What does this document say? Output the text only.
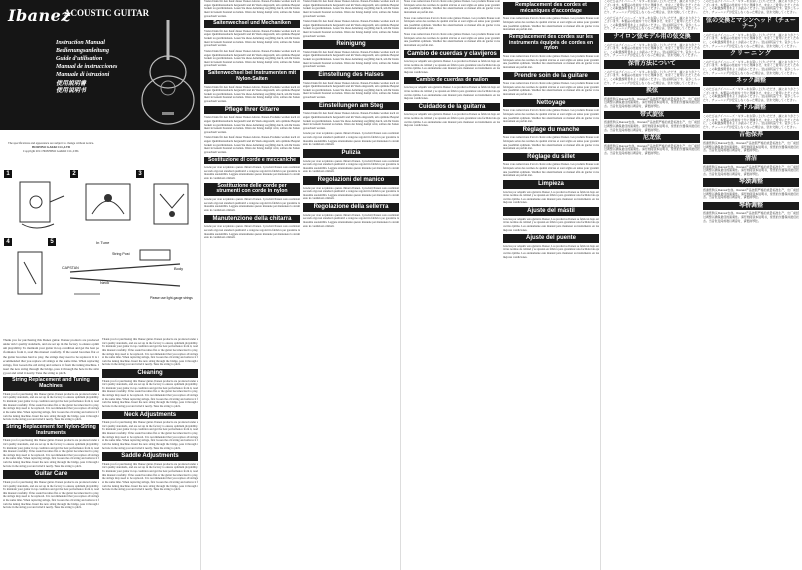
Ibanez
ACOUSTIC GUITAR
Instruction Manual
Bedienungsanleitung
Guide d'utilisation
Manual de instrucciones
Manuale di istruzioni
使用説明書
使用说明书
The specifications and appearance are subject to change without notice.
HOSHINO GAKKI CO.,LTD
Copyright 2011 HOSHINO GAKKI CO.,LTD.
1	2	3
4	5	In Tune
CAPSTAN
String Post
Neck
Body
Please use light-gauge strings
Thank you for purchasing this Ibanez guitar. Ibanez products are produced under strict quality standards, and are set up in the factory to ensure optimum playability. To maintain your guitar in top condition and get the best performance from it, read this manual carefully. If the sound becomes flat or the guitar becomes hard to play, the strings may need to be replaced. It is recommended that you replace all strings at the same time. When replacing strings, first loosen the old string and remove it from the tuning machine. Insert the new string through the bridge, pass it through the hole in the string post and wind it neatly. Tune the string to pitch.
String Replacement and Tuning Machines
Thank you for purchasing this Ibanez guitar. Ibanez products are produced under strict quality standards, and are set up in the factory to ensure optimum playability. To maintain your guitar in top condition and get the best performance from it, read this manual carefully. If the sound becomes flat or the guitar becomes hard to play, the strings may need to be replaced. It is recommended that you replace all strings at the same time. When replacing strings, first loosen the old string and remove it from the tuning machine. Insert the new string through the bridge, pass it through the hole in the string post and wind it neatly. Tune the string to pitch.
String Replacement for Nylon-String Instruments
Thank you for purchasing this Ibanez guitar. Ibanez products are produced under strict quality standards, and are set up in the factory to ensure optimum playability. To maintain your guitar in top condition and get the best performance from it, read this manual carefully. If the sound becomes flat or the guitar becomes hard to play, the strings may need to be replaced. It is recommended that you replace all strings at the same time. When replacing strings, first loosen the old string and remove it from the tuning machine. Insert the new string through the bridge, pass it through the hole in the string post and wind it neatly. Tune the string to pitch.
Guitar Care
Thank you for purchasing this Ibanez guitar. Ibanez products are produced under strict quality standards, and are set up in the factory to ensure optimum playability. To maintain your guitar in top condition and get the best performance from it, read this manual carefully. If the sound becomes flat or the guitar becomes hard to play, the strings may need to be replaced. It is recommended that you replace all strings at the same time. When replacing strings, first loosen the old string and remove it from the tuning machine. Insert the new string through the bridge, pass it through the hole in the string post and wind it neatly. Tune the string to pitch.
Thank you for purchasing this Ibanez guitar. Ibanez products are produced under strict quality standards, and are set up in the factory to ensure optimum playability. To maintain your guitar in top condition and get the best performance from it, read this manual carefully. If the sound becomes flat or the guitar becomes hard to play, the strings may need to be replaced. It is recommended that you replace all strings at the same time. When replacing strings, first loosen the old string and remove it from the tuning machine. Insert the new string through the bridge, pass it through the hole in the string post and wind it neatly. Tune the string to pitch.
Cleaning
Thank you for purchasing this Ibanez guitar. Ibanez products are produced under strict quality standards, and are set up in the factory to ensure optimum playability. To maintain your guitar in top condition and get the best performance from it, read this manual carefully. If the sound becomes flat or the guitar becomes hard to play, the strings may need to be replaced. It is recommended that you replace all strings at the same time. When replacing strings, first loosen the old string and remove it from the tuning machine. Insert the new string through the bridge, pass it through the hole in the string post and wind it neatly. Tune the string to pitch.
Neck Adjustments
Thank you for purchasing this Ibanez guitar. Ibanez products are produced under strict quality standards, and are set up in the factory to ensure optimum playability. To maintain your guitar in top condition and get the best performance from it, read this manual carefully. If the sound becomes flat or the guitar becomes hard to play, the strings may need to be replaced. It is recommended that you replace all strings at the same time. When replacing strings, first loosen the old string and remove it from the tuning machine. Insert the new string through the bridge, pass it through the hole in the string post and wind it neatly. Tune the string to pitch.
Saddle Adjustments
Thank you for purchasing this Ibanez guitar. Ibanez products are produced under strict quality standards, and are set up in the factory to ensure optimum playability. To maintain your guitar in top condition and get the best performance from it, read this manual carefully. If the sound becomes flat or the guitar becomes hard to play, the strings may need to be replaced. It is recommended that you replace all strings at the same time. When replacing strings, first loosen the old string and remove it from the tuning machine. Insert the new string through the bridge, pass it through the hole in the string post and wind it neatly. Tune the string to pitch.
Vielen Dank für den Kauf dieser Ibanez-Gitarre. Ibanez-Produkte werden nach strengen Qualitätsstandards hergestellt und im Werk eingestellt, um optimale Bespielbarkeit zu gewährleisten. Lesen Sie diese Anleitung sorgfältig durch, um Ihr Instrument in bestem Zustand zu halten. Wenn der Klang dumpf wird, sollten die Saiten gewechselt werden.
Saitenwechsel und Mechaniken
Vielen Dank für den Kauf dieser Ibanez-Gitarre. Ibanez-Produkte werden nach strengen Qualitätsstandards hergestellt und im Werk eingestellt, um optimale Bespielbarkeit zu gewährleisten. Lesen Sie diese Anleitung sorgfältig durch, um Ihr Instrument in bestem Zustand zu halten. Wenn der Klang dumpf wird, sollten die Saiten gewechselt werden.
Vielen Dank für den Kauf dieser Ibanez-Gitarre. Ibanez-Produkte werden nach strengen Qualitätsstandards hergestellt und im Werk eingestellt, um optimale Bespielbarkeit zu gewährleisten. Lesen Sie diese Anleitung sorgfältig durch, um Ihr Instrument in bestem Zustand zu halten. Wenn der Klang dumpf wird, sollten die Saiten gewechselt werden.
Saitenwechsel bei Instrumenten mit Nylon-Saiten
Vielen Dank für den Kauf dieser Ibanez-Gitarre. Ibanez-Produkte werden nach strengen Qualitätsstandards hergestellt und im Werk eingestellt, um optimale Bespielbarkeit zu gewährleisten. Lesen Sie diese Anleitung sorgfältig durch, um Ihr Instrument in bestem Zustand zu halten. Wenn der Klang dumpf wird, sollten die Saiten gewechselt werden.
Pflege Ihrer Gitarre
Vielen Dank für den Kauf dieser Ibanez-Gitarre. Ibanez-Produkte werden nach strengen Qualitätsstandards hergestellt und im Werk eingestellt, um optimale Bespielbarkeit zu gewährleisten. Lesen Sie diese Anleitung sorgfältig durch, um Ihr Instrument in bestem Zustand zu halten. Wenn der Klang dumpf wird, sollten die Saiten gewechselt werden.
Vielen Dank für den Kauf dieser Ibanez-Gitarre. Ibanez-Produkte werden nach strengen Qualitätsstandards hergestellt und im Werk eingestellt, um optimale Bespielbarkeit zu gewährleisten. Lesen Sie diese Anleitung sorgfältig durch, um Ihr Instrument in bestem Zustand zu halten. Wenn der Klang dumpf wird, sollten die Saiten gewechselt werden.
Sostituzione di corde e meccaniche
Grazie per aver acquistato questa chitarra Ibanez. I prodotti Ibanez sono realizzati secondo rigorosi standard qualitativi e vengono regolati in fabbrica per garantire la massima suonabilità. Leggete attentamente questo manuale per mantenere lo strumento in condizioni ottimali.
Sostituzione delle corde per strumenti con corde in nylon
Grazie per aver acquistato questa chitarra Ibanez. I prodotti Ibanez sono realizzati secondo rigorosi standard qualitativi e vengono regolati in fabbrica per garantire la massima suonabilità. Leggete attentamente questo manuale per mantenere lo strumento in condizioni ottimali.
Manutenzione della chitarra
Grazie per aver acquistato questa chitarra Ibanez. I prodotti Ibanez sono realizzati secondo rigorosi standard qualitativi e vengono regolati in fabbrica per garantire la massima suonabilità. Leggete attentamente questo manuale per mantenere lo strumento in condizioni ottimali.
Vielen Dank für den Kauf dieser Ibanez-Gitarre. Ibanez-Produkte werden nach strengen Qualitätsstandards hergestellt und im Werk eingestellt, um optimale Bespielbarkeit zu gewährleisten. Lesen Sie diese Anleitung sorgfältig durch, um Ihr Instrument in bestem Zustand zu halten. Wenn der Klang dumpf wird, sollten die Saiten gewechselt werden.
Vielen Dank für den Kauf dieser Ibanez-Gitarre. Ibanez-Produkte werden nach strengen Qualitätsstandards hergestellt und im Werk eingestellt, um optimale Bespielbarkeit zu gewährleisten. Lesen Sie diese Anleitung sorgfältig durch, um Ihr Instrument in bestem Zustand zu halten. Wenn der Klang dumpf wird, sollten die Saiten gewechselt werden.
Reinigung
Vielen Dank für den Kauf dieser Ibanez-Gitarre. Ibanez-Produkte werden nach strengen Qualitätsstandards hergestellt und im Werk eingestellt, um optimale Bespielbarkeit zu gewährleisten. Lesen Sie diese Anleitung sorgfältig durch, um Ihr Instrument in bestem Zustand zu halten. Wenn der Klang dumpf wird, sollten die Saiten gewechselt werden.
Einstellung des Halses
Vielen Dank für den Kauf dieser Ibanez-Gitarre. Ibanez-Produkte werden nach strengen Qualitätsstandards hergestellt und im Werk eingestellt, um optimale Bespielbarkeit zu gewährleisten. Lesen Sie diese Anleitung sorgfältig durch, um Ihr Instrument in bestem Zustand zu halten. Wenn der Klang dumpf wird, sollten die Saiten gewechselt werden.
Einstellungen am Steg
Vielen Dank für den Kauf dieser Ibanez-Gitarre. Ibanez-Produkte werden nach strengen Qualitätsstandards hergestellt und im Werk eingestellt, um optimale Bespielbarkeit zu gewährleisten. Lesen Sie diese Anleitung sorgfältig durch, um Ihr Instrument in bestem Zustand zu halten. Wenn der Klang dumpf wird, sollten die Saiten gewechselt werden.
Grazie per aver acquistato questa chitarra Ibanez. I prodotti Ibanez sono realizzati secondo rigorosi standard qualitativi e vengono regolati in fabbrica per garantire la massima suonabilità. Leggete attentamente questo manuale per mantenere lo strumento in condizioni ottimali.
Pulizia
Grazie per aver acquistato questa chitarra Ibanez. I prodotti Ibanez sono realizzati secondo rigorosi standard qualitativi e vengono regolati in fabbrica per garantire la massima suonabilità. Leggete attentamente questo manuale per mantenere lo strumento in condizioni ottimali.
Regolazioni del manico
Grazie per aver acquistato questa chitarra Ibanez. I prodotti Ibanez sono realizzati secondo rigorosi standard qualitativi e vengono regolati in fabbrica per garantire la massima suonabilità. Leggete attentamente questo manuale per mantenere lo strumento in condizioni ottimali.
Regolazione della sellетта
Grazie per aver acquistato questa chitarra Ibanez. I prodotti Ibanez sono realizzati secondo rigorosi standard qualitativi e vengono regolati in fabbrica per garantire la massima suonabilità. Leggete attentamente questo manuale per mantenere lo strumento in condizioni ottimali.
Nous vous remercions d'avoir choisi cette guitare Ibanez. Les produits Ibanez sont fabriqués selon des normes de qualité strictes et sont réglés en usine pour garantir une jouabilité optimale. Veuillez lire attentivement ce manuel afin de garder votre instrument en parfait état.
Nous vous remercions d'avoir choisi cette guitare Ibanez. Les produits Ibanez sont fabriqués selon des normes de qualité strictes et sont réglés en usine pour garantir une jouabilité optimale. Veuillez lire attentivement ce manuel afin de garder votre instrument en parfait état.
Nous vous remercions d'avoir choisi cette guitare Ibanez. Les produits Ibanez sont fabriqués selon des normes de qualité strictes et sont réglés en usine pour garantir une jouabilité optimale. Veuillez lire attentivement ce manuel afin de garder votre instrument en parfait état.
Cambio de cuerdas y clavijeros
Gracias por adquirir esta guitarra Ibanez. Los productos Ibanez se fabrican bajo estrictas normas de calidad y se ajustan en fábrica para garantizar una facilidad de ejecución óptima. Lea atentamente este manual para mantener su instrumento en las mejores condiciones.
Cambio de cuerdas de nailon
Gracias por adquirir esta guitarra Ibanez. Los productos Ibanez se fabrican bajo estrictas normas de calidad y se ajustan en fábrica para garantizar una facilidad de ejecución óptima. Lea atentamente este manual para mantener su instrumento en las mejores condiciones.
Cuidados de la guitarra
Gracias por adquirir esta guitarra Ibanez. Los productos Ibanez se fabrican bajo estrictas normas de calidad y se ajustan en fábrica para garantizar una facilidad de ejecución óptima. Lea atentamente este manual para mantener su instrumento en las mejores condiciones.
Remplacement des cordes et mécaniques d'accordage
Nous vous remercions d'avoir choisi cette guitare Ibanez. Les produits Ibanez sont fabriqués selon des normes de qualité strictes et sont réglés en usine pour garantir une jouabilité optimale. Veuillez lire attentivement ce manuel afin de garder votre instrument en parfait état.
Remplacement des cordes sur les instruments équipés de cordes en nylon
Nous vous remercions d'avoir choisi cette guitare Ibanez. Les produits Ibanez sont fabriqués selon des normes de qualité strictes et sont réglés en usine pour garantir une jouabilité optimale. Veuillez lire attentivement ce manuel afin de garder votre instrument en parfait état.
Prendre soin de la guitare
Nous vous remercions d'avoir choisi cette guitare Ibanez. Les produits Ibanez sont fabriqués selon des normes de qualité strictes et sont réglés en usine pour garantir une jouabilité optimale. Veuillez lire attentivement ce manuel afin de garder votre instrument en parfait état.
Nettoyage
Nous vous remercions d'avoir choisi cette guitare Ibanez. Les produits Ibanez sont fabriqués selon des normes de qualité strictes et sont réglés en usine pour garantir une jouabilité optimale. Veuillez lire attentivement ce manuel afin de garder votre instrument en parfait état.
Réglage du manche
Nous vous remercions d'avoir choisi cette guitare Ibanez. Les produits Ibanez sont fabriqués selon des normes de qualité strictes et sont réglés en usine pour garantir une jouabilité optimale. Veuillez lire attentivement ce manuel afin de garder votre instrument en parfait état.
Réglage du sillet
Nous vous remercions d'avoir choisi cette guitare Ibanez. Les produits Ibanez sont fabriqués selon des normes de qualité strictes et sont réglés en usine pour garantir une jouabilité optimale. Veuillez lire attentivement ce manuel afin de garder votre instrument en parfait état.
Limpieza
Gracias por adquirir esta guitarra Ibanez. Los productos Ibanez se fabrican bajo estrictas normas de calidad y se ajustan en fábrica para garantizar una facilidad de ejecución óptima. Lea atentamente este manual para mantener su instrumento en las mejores condiciones.
Ajuste del mástil
Gracias por adquirir esta guitarra Ibanez. Los productos Ibanez se fabrican bajo estrictas normas de calidad y se ajustan en fábrica para garantizar una facilidad de ejecución óptima. Lea atentamente este manual para mantener su instrumento en las mejores condiciones.
Ajuste del puente
Gracias por adquirir esta guitarra Ibanez. Los productos Ibanez se fabrican bajo estrictas normas de calidad y se ajustan en fábrica para garantizar una facilidad de ejecución óptima. Lea atentamente este manual para mantener su instrumento en las mejores condiciones.
このたびはアイバニーズ・ギターをお買い上げいただき、誠にありがとうございます。本製品の性能を十分に発揮させ、末永くご愛用いただくために、この取扱説明書をよくお読みください。弦は消耗品です。音がこもったり、チューニングが安定しなくなった場合は、弦を交換してください。
このたびはアイバニーズ・ギターをお買い上げいただき、誠にありがとうございます。本製品の性能を十分に発揮させ、末永くご愛用いただくために、この取扱説明書をよくお読みください。弦は消耗品です。音がこもったり、チューニングが安定しなくなった場合は、弦を交換してください。
ナイロン弦モデル用の弦交換
このたびはアイバニーズ・ギターをお買い上げいただき、誠にありがとうございます。本製品の性能を十分に発揮させ、末永くご愛用いただくために、この取扱説明書をよくお読みください。弦は消耗品です。音がこもったり、チューニングが安定しなくなった場合は、弦を交換してください。
保管方法について
このたびはアイバニーズ・ギターをお買い上げいただき、誠にありがとうございます。本製品の性能を十分に発揮させ、末永くご愛用いただくために、この取扱説明書をよくお読みください。弦は消耗品です。音がこもったり、チューニングが安定しなくなった場合は、弦を交換してください。
换弦
感谢您购买Ibanez吉他。Ibanez产品按照严格的质量标准生产，出厂前经过调整以确保最佳的演奏性。请仔细阅读本说明书，使您的乐器保持最佳状态。当音色变闷或难以调音时，请更换琴弦。
带式旋弦
感谢您购买Ibanez吉他。Ibanez产品按照严格的质量标准生产，出厂前经过调整以确保最佳的演奏性。请仔细阅读本说明书，使您的乐器保持最佳状态。当音色变闷或难以调音时，请更换琴弦。
尼龙弦
感谢您购买Ibanez吉他。Ibanez产品按照严格的质量标准生产，出厂前经过调整以确保最佳的演奏性。请仔细阅读本说明书，使您的乐器保持最佳状态。当音色变闷或难以调音时，请更换琴弦。
このたびはアイバニーズ・ギターをお買い上げいただき、誠にありがとうございます。本製品の性能を十分に発揮させ、末永くご愛用いただくために、この取扱説明書をよくお読みください。弦は消耗品です。音がこもったり、チューニングが安定しなくなった場合は、弦を交換してください。
弦の交換とマシンヘッド（チューナー）
このたびはアイバニーズ・ギターをお買い上げいただき、誠にありがとうございます。本製品の性能を十分に発揮させ、末永くご愛用いただくために、この取扱説明書をよくお読みください。弦は消耗品です。音がこもったり、チューニングが安定しなくなった場合は、弦を交換してください。
クリーニング
このたびはアイバニーズ・ギターをお買い上げいただき、誠にありがとうございます。本製品の性能を十分に発揮させ、末永くご愛用いただくために、この取扱説明書をよくお読みください。弦は消耗品です。音がこもったり、チューニングが安定しなくなった場合は、弦を交換してください。
ネック調整
このたびはアイバニーズ・ギターをお買い上げいただき、誠にありがとうございます。本製品の性能を十分に発揮させ、末永くご愛用いただくために、この取扱説明書をよくお読みください。弦は消耗品です。音がこもったり、チューニングが安定しなくなった場合は、弦を交換してください。
サドル調整
このたびはアイバニーズ・ギターをお買い上げいただき、誠にありがとうございます。本製品の性能を十分に発揮させ、末永くご愛用いただくために、この取扱説明書をよくお読みください。弦は消耗品です。音がこもったり、チューニングが安定しなくなった場合は、弦を交換してください。
吉他保养
感谢您购买Ibanez吉他。Ibanez产品按照严格的质量标准生产，出厂前经过调整以确保最佳的演奏性。请仔细阅读本说明书，使您的乐器保持最佳状态。当音色变闷或难以调音时，请更换琴弦。
清洁
感谢您购买Ibanez吉他。Ibanez产品按照严格的质量标准生产，出厂前经过调整以确保最佳的演奏性。请仔细阅读本说明书，使您的乐器保持最佳状态。当音色变闷或难以调音时，请更换琴弦。
琴颈调整
感谢您购买Ibanez吉他。Ibanez产品按照严格的质量标准生产，出厂前经过调整以确保最佳的演奏性。请仔细阅读本说明书，使您的乐器保持最佳状态。当音色变闷或难以调音时，请更换琴弦。
琴桥调整
感谢您购买Ibanez吉他。Ibanez产品按照严格的质量标准生产，出厂前经过调整以确保最佳的演奏性。请仔细阅读本说明书，使您的乐器保持最佳状态。当音色变闷或难以调音时，请更换琴弦。
